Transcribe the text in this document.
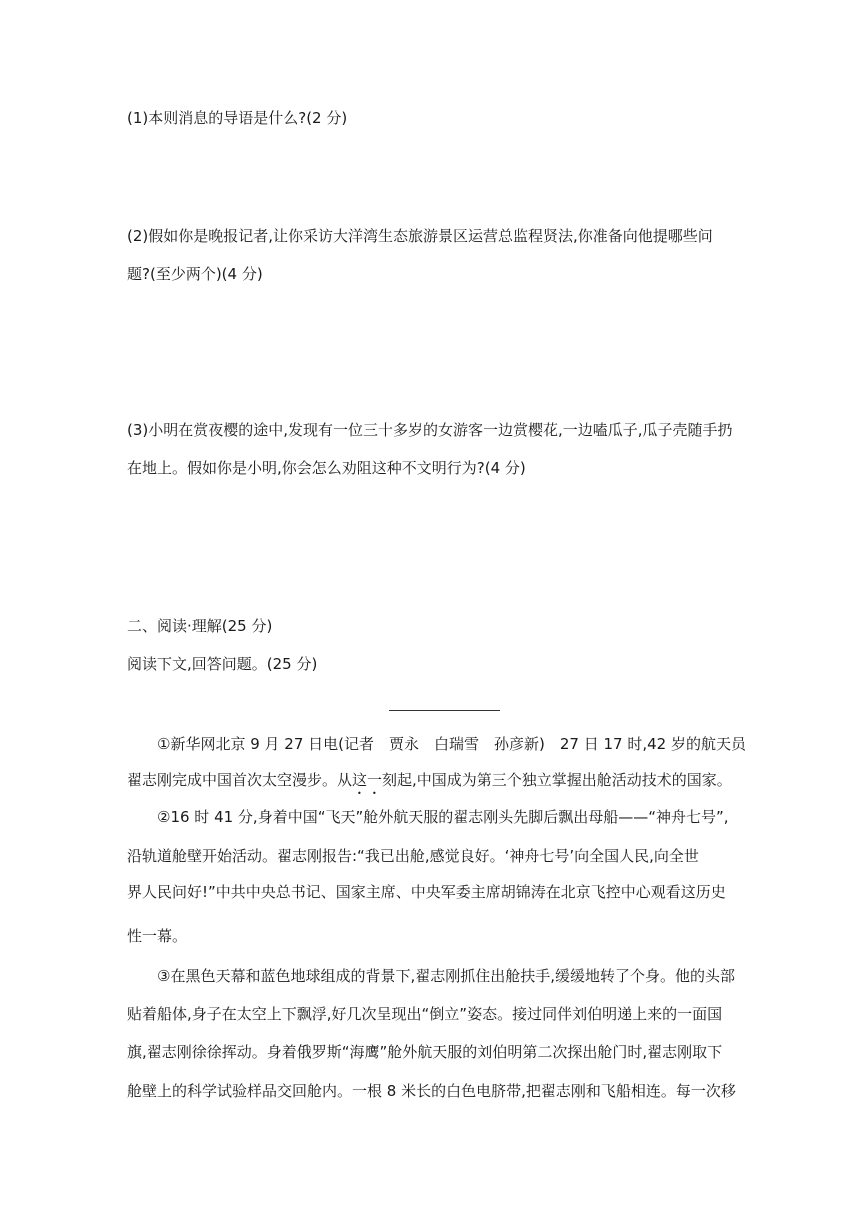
(1)本则消息的导语是什么?(2 分)
(2)假如你是晚报记者,让你采访大洋湾生态旅游景区运营总监程贤法,你准备向他提哪些问
题?(至少两个)(4 分)
(3)小明在赏夜樱的途中,发现有一位三十多岁的女游客一边赏樱花,一边嗑瓜子,瓜子壳随手扔
在地上。假如你是小明,你会怎么劝阻这种不文明行为?(4 分)
二、阅读·理解(25 分)
阅读下文,回答问题。(25 分)
①新华网北京 9 月 27 日电(记者　贾永　白瑞雪　孙彦新)　27 日 17 时,42 岁的航天员
翟志刚完成中国首次太空漫步。从这一刻起,中国成为第三个独立掌握出舱活动技术的国家。
②16 时 41 分,身着中国“飞天”舱外航天服的翟志刚头先脚后飘出母船——“神舟七号”,
沿轨道舱壁开始活动。翟志刚报告:“我已出舱,感觉良好。‘神舟七号’向全国人民,向全世
界人民问好!”中共中央总书记、国家主席、中央军委主席胡锦涛在北京飞控中心观看这历史
性一幕。
③在黑色天幕和蓝色地球组成的背景下,翟志刚抓住出舱扶手,缓缓地转了个身。他的头部
贴着船体,身子在太空上下飘浮,好几次呈现出“倒立”姿态。接过同伴刘伯明递上来的一面国
旗,翟志刚徐徐挥动。身着俄罗斯“海鹰”舱外航天服的刘伯明第二次探出舱门时,翟志刚取下
舱壁上的科学试验样品交回舱内。一根 8 米长的白色电脐带,把翟志刚和飞船相连。每一次移
